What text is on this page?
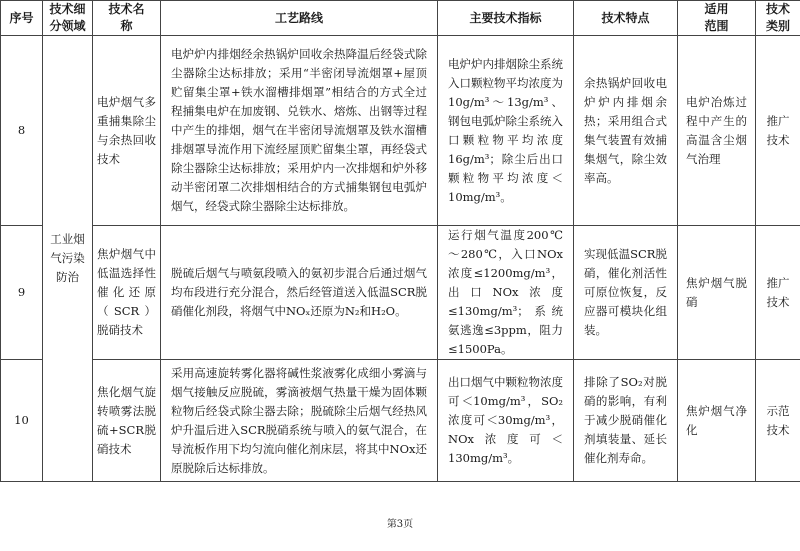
序号	技术细分领域	技术名称	工艺路线	主要技术指标	技术特点	适用范围	技术类别
8	工业烟气污染防治	电炉烟气多重捕集除尘与余热回收技术	电炉炉内排烟经余热锅炉回收余热降温后经袋式除尘器除尘达标排放；采用“半密闭导流烟罩+屋顶贮留集尘罩+铁水溜槽排烟罩”相结合的方式全过程捕集电炉在加废钢、兑铁水、熔炼、出钢等过程中产生的排烟，烟气在半密闭导流烟罩及铁水溜槽排烟罩导流作用下流经屋顶贮留集尘罩，再经袋式除尘器除尘达标排放；采用炉内一次排烟和炉外移动半密闭罩二次排烟相结合的方式捕集钢包电弧炉烟气，经袋式除尘器除尘达标排放。	电炉炉内排烟除尘系统入口颗粒物平均浓度为10g/m³～13g/m³、钢包电弧炉除尘系统入口颗粒物平均浓度16g/m³；除尘后出口颗粒物平均浓度＜10mg/m³。	余热锅炉回收电炉炉内排烟余热；采用组合式集气装置有效捕集烟气，除尘效率高。	电炉冶炼过程中产生的高温含尘烟气治理	推广技术
9		焦炉烟气中低温选择性催化还原（SCR）脱硝技术	脱硫后烟气与喷氨段喷入的氨初步混合后通过烟气均布段进行充分混合，然后经管道送入低温SCR脱硝催化剂段，将烟气中NOₓ还原为N₂和H₂O。	运行烟气温度200℃～280℃，入口NOx浓度≤1200mg/m³，出口NOx浓度≤130mg/m³；系统氨逃逸≤3ppm，阻力≤1500Pa。	实现低温SCR脱硝，催化剂活性可原位恢复，反应器可模块化组装。	焦炉烟气脱硝	推广技术
10		焦化烟气旋转喷雾法脱硫+SCR脱硝技术	采用高速旋转雾化器将碱性浆液雾化成细小雾滴与烟气接触反应脱硫，雾滴被烟气热量干燥为固体颗粒物后经袋式除尘器去除；脱硫除尘后烟气经热风炉升温后进入SCR脱硝系统与喷入的氨气混合，在导流板作用下均匀流向催化剂床层，将其中NOx还原脱除后达标排放。	出口烟气中颗粒物浓度可＜10mg/m³，SO₂浓度可＜30mg/m³，NOx浓度可＜130mg/m³。	排除了SO₂对脱硝的影响，有利于减少脱硝催化剂填装量、延长催化剂寿命。	焦炉烟气净化	示范技术
第3页
